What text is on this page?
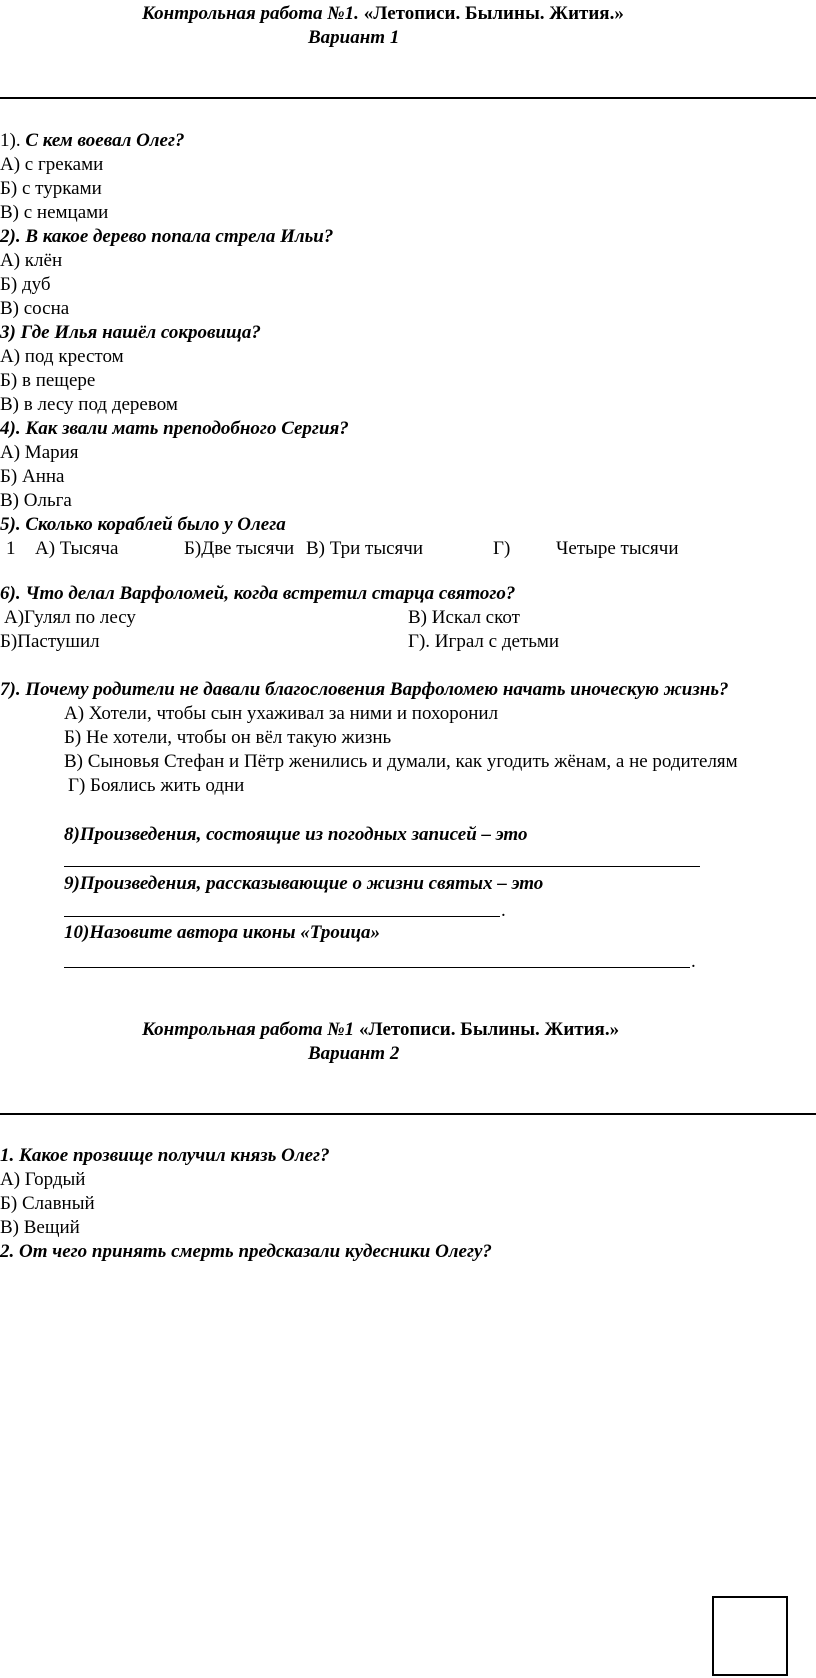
Контрольная работа №1. «Летописи. Былины. Жития.»
Вариант 1
1). С кем воевал Олег?
А) с греками
Б) с турками
В) с немцами
2). В какое дерево попала стрела Ильи?
А) клён
Б) дуб
В) сосна
3) Где Илья нашёл сокровища?
А) под крестом
Б) в пещере
В) в лесу под деревом
4). Как звали мать преподобного Сергия?
А) Мария
Б) Анна
В) Ольга
5). Сколько кораблей было у Олега
1 А) Тысяча	Б)Две тысячи В) Три тысячи	Г) Четыре тысячи
6). Что делал Варфоломей, когда встретил старца святого?
А)Гулял по лесу	В) Искал скот
Б)Пастушил	Г). Играл с детьми
7). Почему родители не давали благословения Варфоломею начать иноческую жизнь?
А) Хотели, чтобы сын ухаживал за ними и похоронил
Б) Не хотели, чтобы он вёл такую жизнь
В) Сыновья Стефан и Пётр женились и думали, как угодить жёнам, а не родителям
Г) Боялись жить одни
8)Произведения, состоящие из погодных записей – это
9)Произведения, рассказывающие о жизни святых – это
.
10)Назовите автора иконы «Троица»
.
Контрольная работа №1 «Летописи. Былины. Жития.»
Вариант 2
1. Какое прозвище получил князь Олег?
А) Гордый
Б) Славный
В) Вещий
2. От чего принять смерть предсказали кудесники Олегу?
